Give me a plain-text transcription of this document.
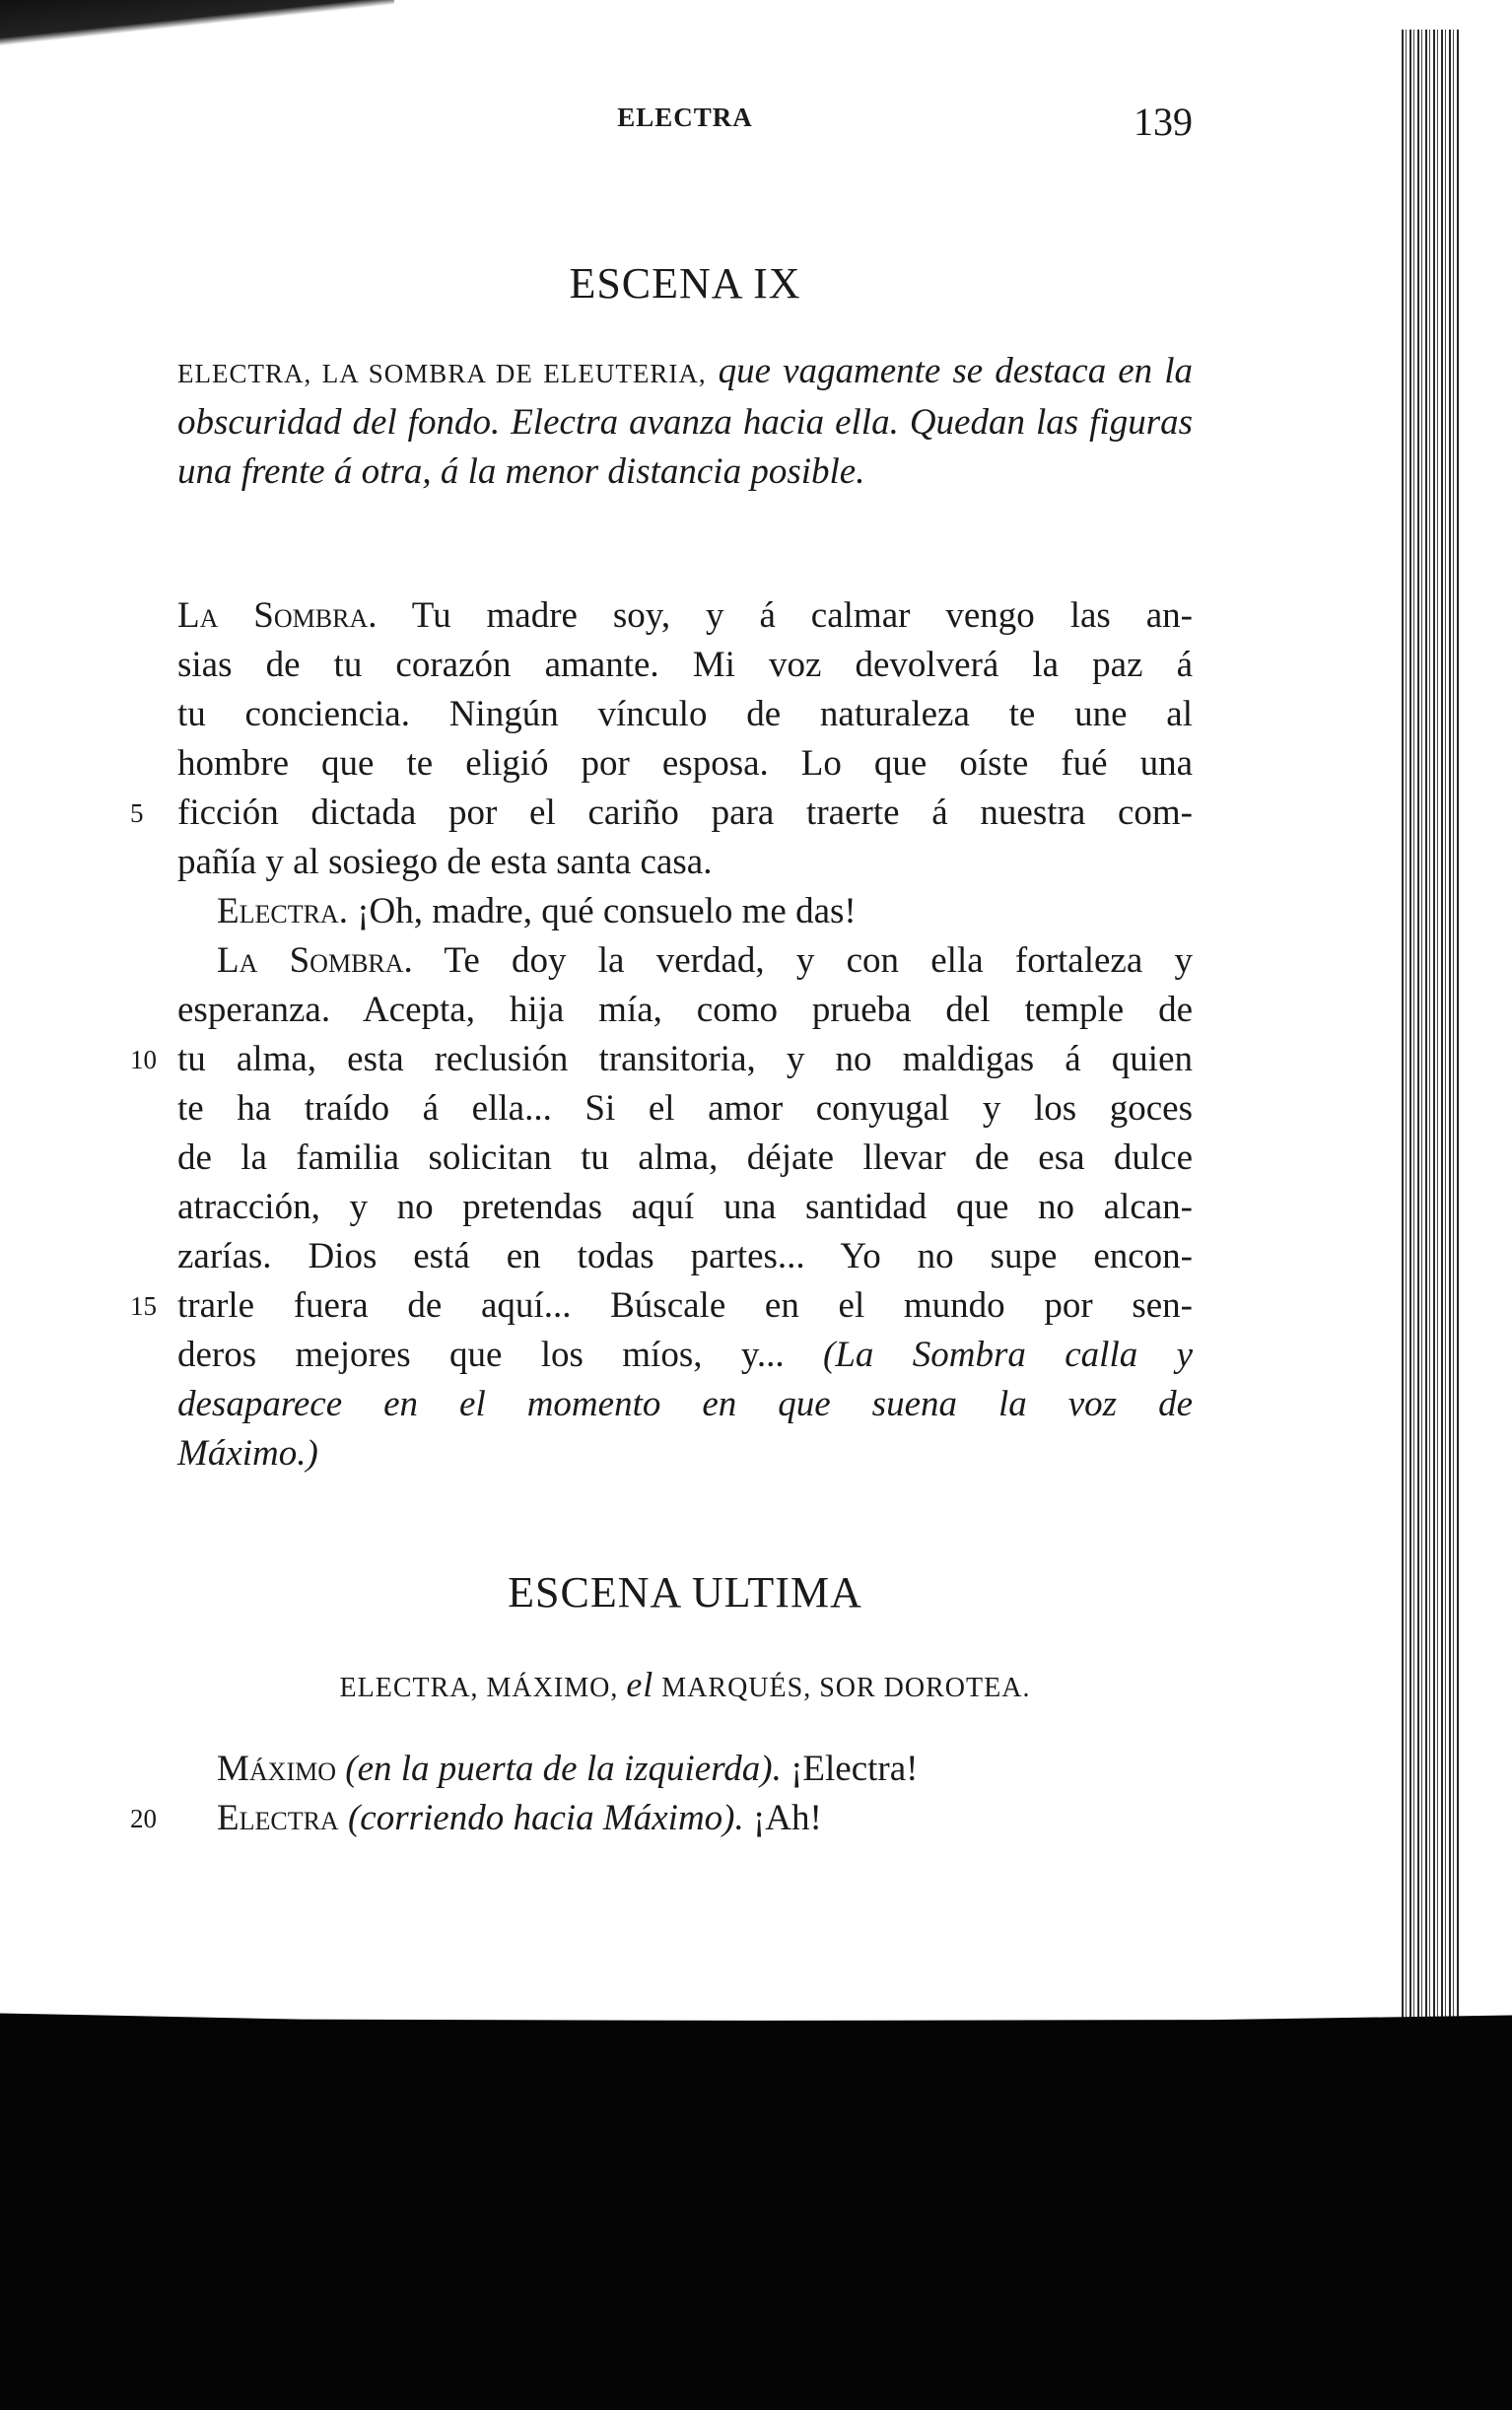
ELECTRA	139
ESCENA IX
ELECTRA, LA SOMBRA DE ELEUTERIA, que vagamente se destaca en la obscuridad del fondo. Electra avanza hacia ella. Quedan las figuras una frente á otra, á la menor distancia posible.
La Sombra. Tu madre soy, y á calmar vengo las an-
sias de tu corazón amante. Mi voz devolverá la paz á
tu conciencia. Ningún vínculo de naturaleza te une al
hombre que te eligió por esposa. Lo que oíste fué una
5 ficción dictada por el cariño para traerte á nuestra com-
pañía y al sosiego de esta santa casa.
Electra. ¡Oh, madre, qué consuelo me das!
La Sombra. Te doy la verdad, y con ella fortaleza y
esperanza. Acepta, hija mía, como prueba del temple de
10 tu alma, esta reclusión transitoria, y no maldigas á quien
te ha traído á ella... Si el amor conyugal y los goces
de la familia solicitan tu alma, déjate llevar de esa dulce
atracción, y no pretendas aquí una santidad que no alcan-
zarías. Dios está en todas partes... Yo no supe encon-
15 trarle fuera de aquí... Búscale en el mundo por sen-
deros mejores que los míos, y... (La Sombra calla y
desaparece en el momento en que suena la voz de
Máximo.)
ESCENA ULTIMA
ELECTRA, MÁXIMO, el MARQUÉS, SOR DOROTEA.
Máximo (en la puerta de la izquierda). ¡Electra!
20	Electra (corriendo hacia Máximo). ¡Ah!
